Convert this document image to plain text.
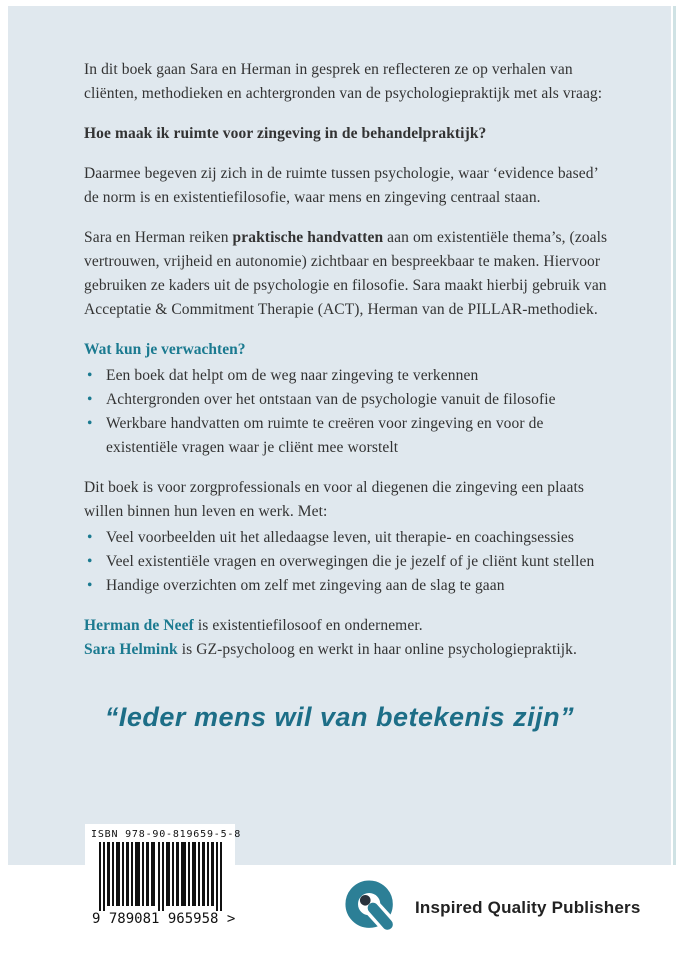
In dit boek gaan Sara en Herman in gesprek en reflecteren ze op verhalen van cliënten, methodieken en achtergronden van de psychologiepraktijk met als vraag:

Hoe maak ik ruimte voor zingeving in de behandelpraktijk?

Daarmee begeven zij zich in de ruimte tussen psychologie, waar ‘evidence based’ de norm is en existentiefilosofie, waar mens en zingeving centraal staan.

Sara en Herman reiken praktische handvatten aan om existentiële thema’s, (zoals vertrouwen, vrijheid en autonomie) zichtbaar en bespreekbaar te maken. Hiervoor gebruiken ze kaders uit de psychologie en filosofie. Sara maakt hierbij gebruik van Acceptatie & Commitment Therapie (ACT), Herman van de PILLAR-methodiek.

Wat kun je verwachten?
• Een boek dat helpt om de weg naar zingeving te verkennen
• Achtergronden over het ontstaan van de psychologie vanuit de filosofie
• Werkbare handvatten om ruimte te creëren voor zingeving en voor de existentiële vragen waar je cliënt mee worstelt

Dit boek is voor zorgprofessionals en voor al diegenen die zingeving een plaats willen binnen hun leven en werk. Met:

• Veel voorbeelden uit het alledaagse leven, uit therapie- en coachingsessies
• Veel existentiële vragen en overwegingen die je jezelf of je cliënt kunt stellen
• Handige overzichten om zelf met zingeving aan de slag te gaan

Herman de Neef is existentiefilosoof en ondernemer.
Sara Helmink is GZ-psycholoog en werkt in haar online psychologiepraktijk.

“Ieder mens wil van betekenis zijn”
ISBN 978-90-819659-5-8
9 789081 965958 >
Inspired Quality Publishers
